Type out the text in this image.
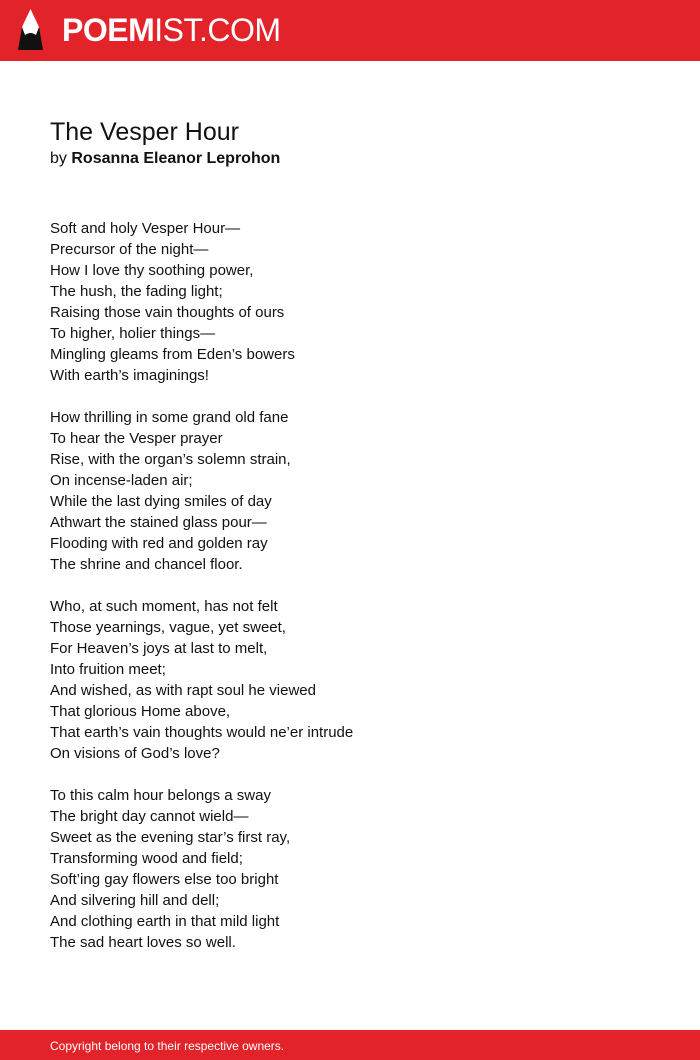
POEMIST.COM
The Vesper Hour
by Rosanna Eleanor Leprohon
Soft and holy Vesper Hour—
Precursor of the night—
How I love thy soothing power,
The hush, the fading light;
Raising those vain thoughts of ours
To higher, holier things—
Mingling gleams from Eden’s bowers
With earth’s imaginings!
How thrilling in some grand old fane
To hear the Vesper prayer
Rise, with the organ’s solemn strain,
On incense-laden air;
While the last dying smiles of day
Athwart the stained glass pour—
Flooding with red and golden ray
The shrine and chancel floor.
Who, at such moment, has not felt
Those yearnings, vague, yet sweet,
For Heaven’s joys at last to melt,
Into fruition meet;
And wished, as with rapt soul he viewed
That glorious Home above,
That earth’s vain thoughts would ne’er intrude
On visions of God’s love?
To this calm hour belongs a sway
The bright day cannot wield—
Sweet as the evening star’s first ray,
Transforming wood and field;
Soft’ing gay flowers else too bright
And silvering hill and dell;
And clothing earth in that mild light
The sad heart loves so well.
Copyright belong to their respective owners.
